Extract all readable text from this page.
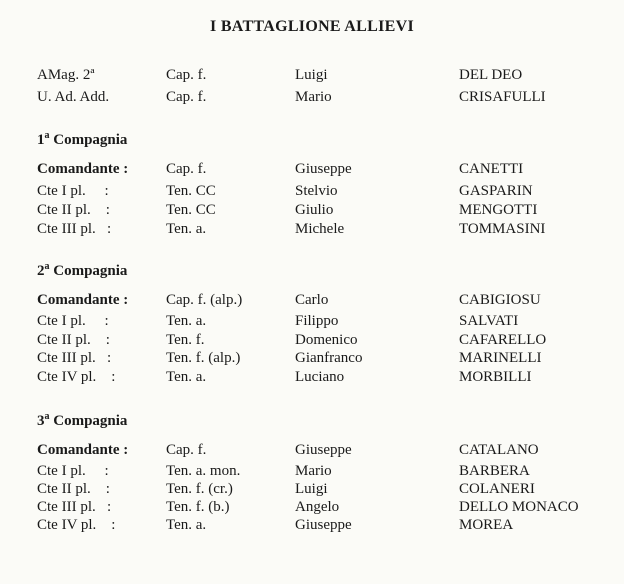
I BATTAGLIONE ALLIEVI
AMag. 2ª	Cap. f.	Luigi	DEL DEO
U. Ad. Add.	Cap. f.	Mario	CRISAFULLI
1$^a$ Compagnia
Comandante :	Cap. f.	Giuseppe	CANETTI
Cte I pl.     :	Ten. CC	Stelvio	GASPARIN
Cte II pl.    :	Ten. CC	Giulio	MENGOTTI
Cte III pl.   :	Ten. a.	Michele	TOMMASINI
2$^a$ Compagnia
Comandante :	Cap. f. (alp.)	Carlo	CABIGIOSU
Cte I pl.     :	Ten. a.	Filippo	SALVATI
Cte II pl.    :	Ten. f.	Domenico	CAFARELLO
Cte III pl.   :	Ten. f. (alp.)	Gianfranco	MARINELLI
Cte IV pl.    :	Ten. a.	Luciano	MORBILLI
3$^a$ Compagnia
Comandante :	Cap. f.	Giuseppe	CATALANO
Cte I pl.     :	Ten. a. mon.	Mario	BARBERA
Cte II pl.    :	Ten. f. (cr.)	Luigi	COLANERI
Cte III pl.   :	Ten. f. (b.)	Angelo	DELLO MONACO
Cte IV pl.    :	Ten. a.	Giuseppe	MOREA
